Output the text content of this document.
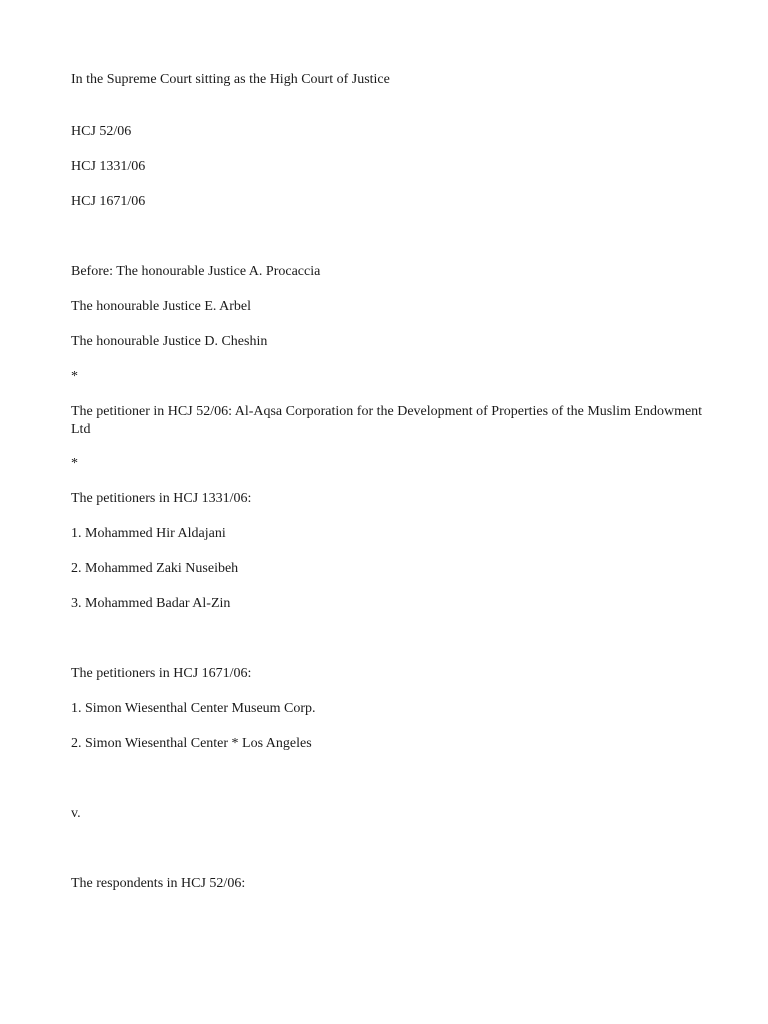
In the Supreme Court sitting as the High Court of Justice
HCJ 52/06
HCJ 1331/06
HCJ 1671/06
Before: The honourable Justice A. Procaccia
The honourable Justice E. Arbel
The honourable Justice D. Cheshin
*
The petitioner in HCJ 52/06: Al-Aqsa Corporation for the Development of Properties of the Muslim Endowment Ltd
*
The petitioners in HCJ 1331/06:
1. Mohammed Hir Aldajani
2. Mohammed Zaki Nuseibeh
3. Mohammed Badar Al-Zin
The petitioners in HCJ 1671/06:
1. Simon Wiesenthal Center Museum Corp.
2. Simon Wiesenthal Center * Los Angeles
v.
The respondents in HCJ 52/06:
